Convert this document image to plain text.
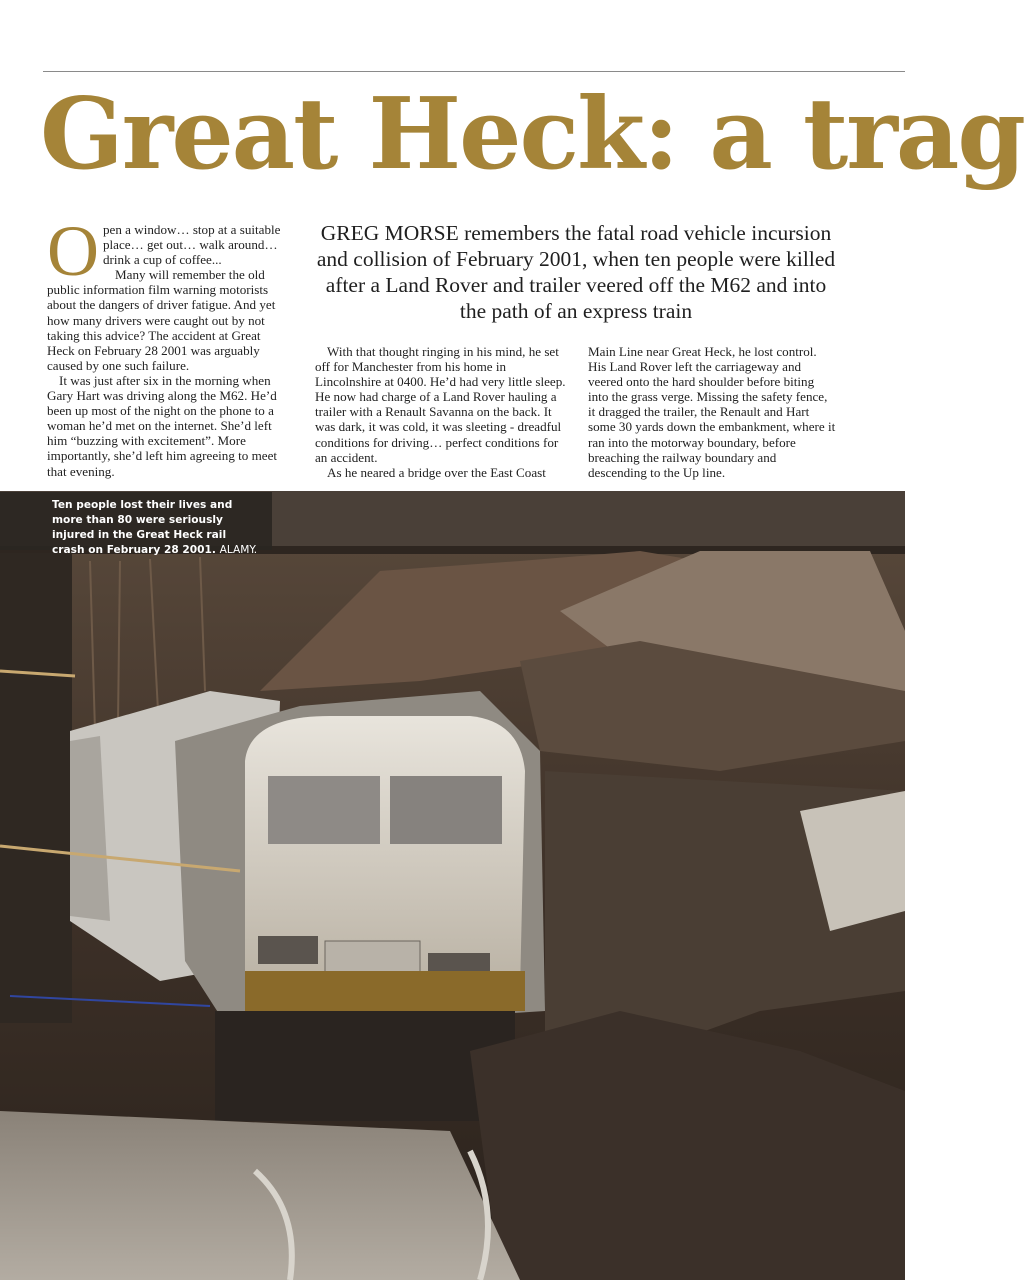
Great Heck: a trag
O pen a window… stop at a suitable place… get out… walk around… drink a cup of coffee...

Many will remember the old public information film warning motorists about the dangers of driver fatigue. And yet how many drivers were caught out by not taking this advice? The accident at Great Heck on February 28 2001 was arguably caused by one such failure.

It was just after six in the morning when Gary Hart was driving along the M62. He’d been up most of the night on the phone to a woman he’d met on the internet. She’d left him “buzzing with excitement”. More importantly, she’d left him agreeing to meet that evening.

GREG MORSE remembers the fatal road vehicle incursion and collision of February 2001, when ten people were killed after a Land Rover and trailer veered off the M62 and into the path of an express train

With that thought ringing in his mind, he set off for Manchester from his home in Lincolnshire at 0400. He’d had very little sleep. He now had charge of a Land Rover hauling a trailer with a Renault Savanna on the back. It was dark, it was cold, it was sleeting - dreadful conditions for driving… perfect conditions for an accident.

As he neared a bridge over the East Coast

Main Line near Great Heck, he lost control. His Land Rover left the carriageway and veered onto the hard shoulder before biting into the grass verge. Missing the safety fence, it dragged the trailer, the Renault and Hart some 30 yards down the embankment, where it ran into the motorway boundary, before breaching the railway boundary and descending to the Up line.

Ten people lost their lives and more than 80 were seriously injured in the Great Heck rail crash on February 28 2001. ALAMY.
